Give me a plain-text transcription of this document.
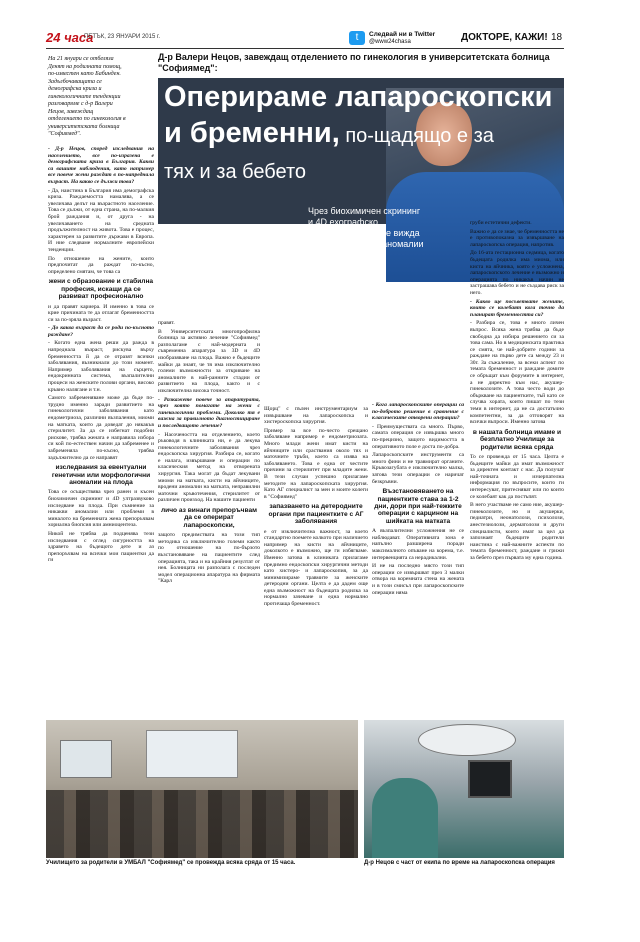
24 часа
ПЕТЪК, 23 ЯНУАРИ 2015 г.	t	Следвай ни в Twitter
@www24chasa	ДОКТОРЕ, КАЖИ! 18
На 21 януари се отбеляза Денят на родилната помощ, по-известен като Бабинден. Задълбочаващата се демографска криза и гинекологичните тенденции разговаряме с д-р Валери Нецов, завеждащ отделението по гинекология в университетската болница "Софиямед".
Оперираме лапароскопски
и бременни, по-щадящо е за
тях и за бебето
Чрез биохимичен скрининг и 4D ехографско изследване рано се вижда дали плодът има аномалии
Д-р Валери Нецов, завеждащ отделението по гинекология в университетската болница "Софиямед":

- Д-р Нецов, според изследвания на населението, все по-изразена е демографската криза в България. Какви са вашите наблюдения, като например все повече жени раждат в по-напреднала възраст. На какво се дължи това?

- Да, наистина в България има демографска криза. Раждаемостта намалява, а се увеличава делът на възрастното население. Това се дължи, от една страна, на по-малкия брой раждания и, от друга - на увеличаването на средната продължителност на живота. Това е процес, характерен за развитите държави в Европа. И ние следваме нормалните европейски тенденции.

По отношение на жените, които предпочитат да раждат по-късно, определено смятам, че това са

жени с образование и стабилна професия, искащи да се развиват професионално

и да правят кариера. И именно в това се крие причината те да отлагат бременността си за по-зряла възраст.

- До каква възраст да се роди по-късното раждане?

- Когато една жена реши да ражда в напреднала възраст, рискува върху бременността й да се отразят всички заболявания, възникнали до този момент. Например заболявания на сърцето, ендокринната система, възпалителни процеси на женските полови органи, високо кръвно налягане и т.н.

Самото забременяване може да бъде по-трудно именно заради развитието на гинекологични заболявания като ендометриоза, различни възпаления, миоми на матката, които да доведат до някакъв стерилитет. За да се избегнат подобни рискове, трябва жената e направила избора си кой по-естествен начин да забременее и забременяла по-късно, трябва задължително да се направят

изследвания за евентуални генетични или морфологични аномалии на плода

Това се осъществява чрез ранен и късен биохимичен скрининг и 4D ултразвуково изследване на плода. При съмнение за никакви аномалии или проблеми в миналото на бременната жена препоръчвам хориална биопсия или амниоцентеза.

Никой не трябва да подценява тези изследвания с оглед сигурността на здравето на бъдещото дете и аз препоръчвам на всички мои пациентки да ги

правят.

В Университетската многопрофилна болница за активно лечение "Софиямед" разполагаме с най-модерната и съвременна апаратура за 3D и 4D изобразяване на плода. Важно е бъдещите майки да знаят, че тя има изключително големи възможности за откриване на аномалиите в най-ранните стадии от развитието на плода, както и с изключителна висока точност.

- Разкажете повече за апаратурата, чрез която помагате на жени с гинекологични проблеми. Доколко тя е важна за правилното диагностициране и последващото лечение?

- Насочеността на отделението, което ръководя в клиниката ни, е да лекува гинекологичните заболявания чрез ендоскопска хирургия. Разбира се, когато е налага, извършваме и операции по класическия метод на отворената хирургия. Така могат да бъдат лекувани миоми на матката, кисти на яйчниците, вродени аномалии на матката, неправилни маточни кръвотечения, стерилитет от различен произход. На нашите пациенти

личо аз винаги препоръчвам да се оперират лапароскопски,

защото предимствата на този тип методика са изключително големи както по отношение на по-бързото възстановяване на пациентите след операцията, така и на крайния резултат от нея. Болницата ни разполага с последен модел операционна апаратура на фирмата "Карл

Щорц" с пълен инструментариум за извършване на лапароскопска и хистероскопска хирургия.

Пример за все по-често срещано заболяване например е ендометриозата. Много млади жени имат кисти на яйчниците или сраствания около тях и маточните тръби, което са изява на заболяването. Това е една от честите причини за стерилитет при младите жени. В тези случаи успешно прилагаме методите на лапароскопската хирургия. Като АГ специалист за мен и моите колеги в "Софиямед"

запазването на детеродните органи при пациентките с АГ заболявания

е от изключителна важност, за което стандартно поемете колкото при наличието например на кисти на яйчниците, доколкото е възможно, ще ги избягваме. Именно затова в клиниката прилагаме предимно ендоскопски хирургични методи като хистеро- и лапароскопия, за да минимизираме травмите за женските детеродни органи. Целта е да дадем още една възможност на бъдещата родилка за нормално зачеване и една нормално протичаща бременност.

- Кога лапароскопските операции са по-доброто решение в сравнение с класическите отворени операции?

- Преимуществата са много. Първо, самата операция се извършва много по-прецизно, защото видимостта в оперативното поле е доста по-добра.

Лапароскопските инструменти са много фини и не травмират органите. Кръвозагубата е изключително малка, затова тези операции се наричат безкръвни.

Възстановяването на пациентките става за 1-2 дни, дори при най-тежките операции с карцином на шийката на матката

А възпалителни усложнения не се наблюдават. Оперативната зона е напълно разширена поради максималното опъване на корема, т.е. интервенцията са нерадикални.

И не на последно място този тип операции се извършват през 3 малки отвора на коремната стена на жената и в този смисъл при лапароскопските операции няма

груби естетични дефекти.

Важно е да се знае, че бременността не е противопоказна за извършване на лапароскопска операция, напротив.

До 16-ата гестационна седмица, когато бъдещата родилка има миома, или киста на яйчника, която е усложнена, лапароскопското лечение е възможно и операцията по никакъв начин не застрашава бебето и не създава риск за него.

- Какво ще посъветвате жените, които се колебаят кога точно да планират бременността си?

- Разбира се, това е много личен въпрос. Всяка жена трябва да бъде свободна да избира решението си за това сама. Но в медицинската практика се смята, че най-добрите години за раждане на първо дете са между 23 и 30г. За съжаление, за всеки аспект по темата бременност и раждане домите се обръщат към форумите в интернет, а не директно към нас, акушер-гинеколозите. А това често води до объркване на пациентките, тъй като се случва хората, които пишат по тези теми в интернет, да не са достатъчно компетентни, за да отговорят на всички въпроси. Именно затова

в нашата болница имаме и безплатно Училище за родители всяка сряда

То се провежда от 15 часа. Целта е бъдещите майки да имат възможност за директен контакт с нас. Да получат най-точната и изчерпателна информация по въпросите, които ги интересуват, притесняват или по които се колебаят как да постъпят.

В него участваме не само ние, акушер-гинеколозите, но и акушерки, педиатри, неонатолози, психолози, анестезиолози, дерматолози и други специалисти, които имат за цел да запознаят бъдещите родители наистина с най-важните аспекти по темата бременност, раждане и грижи за бебето през първата му една година.

Училището за родители в УМБАЛ "Софиямед" се провежда всяка сряда от 15 часа.	Д-р Нецов с част от екипа по време на лапароскопска операция
